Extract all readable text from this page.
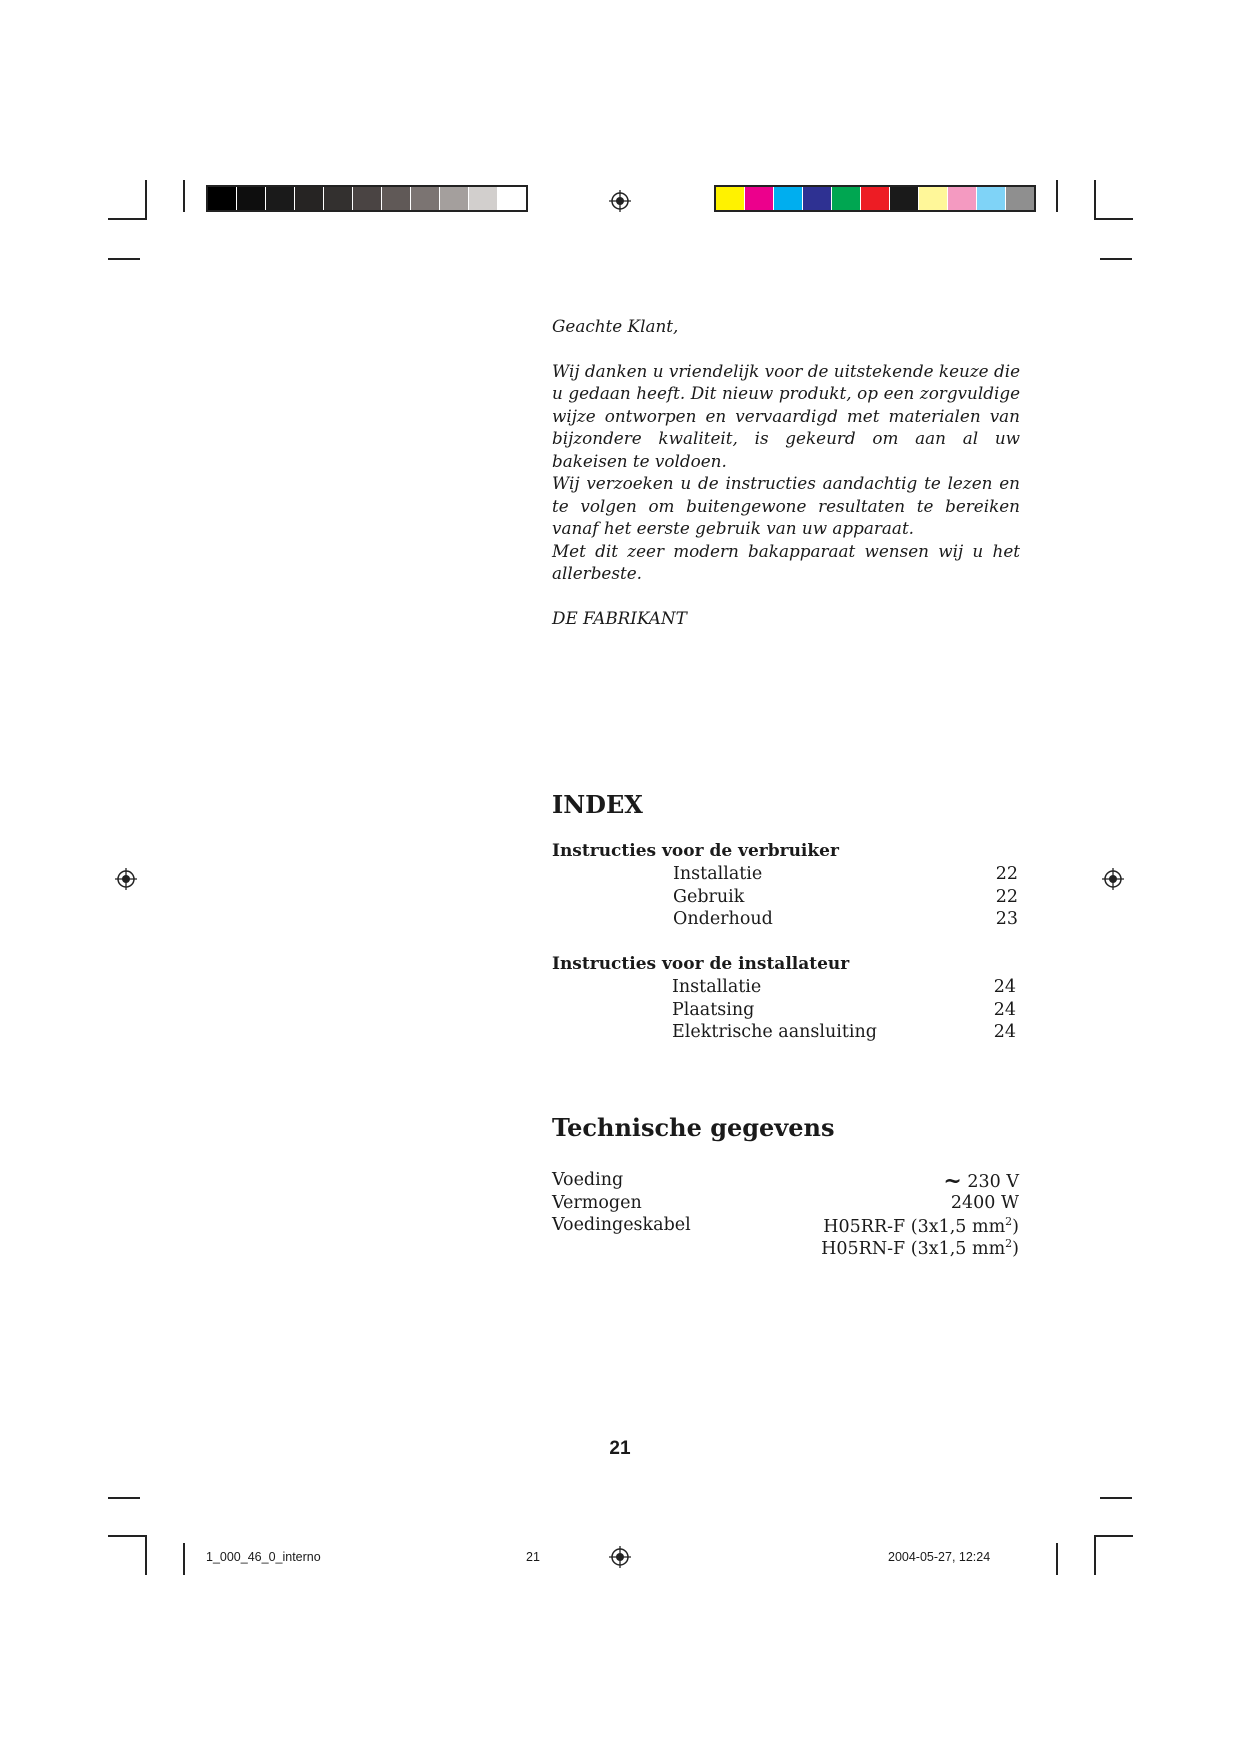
Geachte Klant,

Wij danken u vriendelijk voor de uitstekende keuze die u gedaan heeft. Dit nieuw produkt, op een zorgvuldige wijze ontworpen en vervaardigd met materialen van bijzondere kwaliteit, is gekeurd om aan al uw bakeisen te voldoen.

Wij verzoeken u de instructies aandachtig te lezen en te volgen om buitengewone resultaten te bereiken vanaf het eerste gebruik van uw apparaat.

Met dit zeer modern bakapparaat wensen wij u het allerbeste.

DE FABRIKANT

INDEX
Instructies voor de verbruiker
Installatie	22
Gebruik	22
Onderhoud	23
Instructies voor de installateur
Installatie	24
Plaatsing	24
Elektrische aansluiting	24
Technische gegevens
Voeding	~ 230 V
Vermogen	2400 W
Voedingeskabel	H05RR-F (3x1,5 $mm^2$)
H05RN-F (3x1,5 $mm^2$)
21
1_000_46_0_interno	21	2004-05-27, 12:24
